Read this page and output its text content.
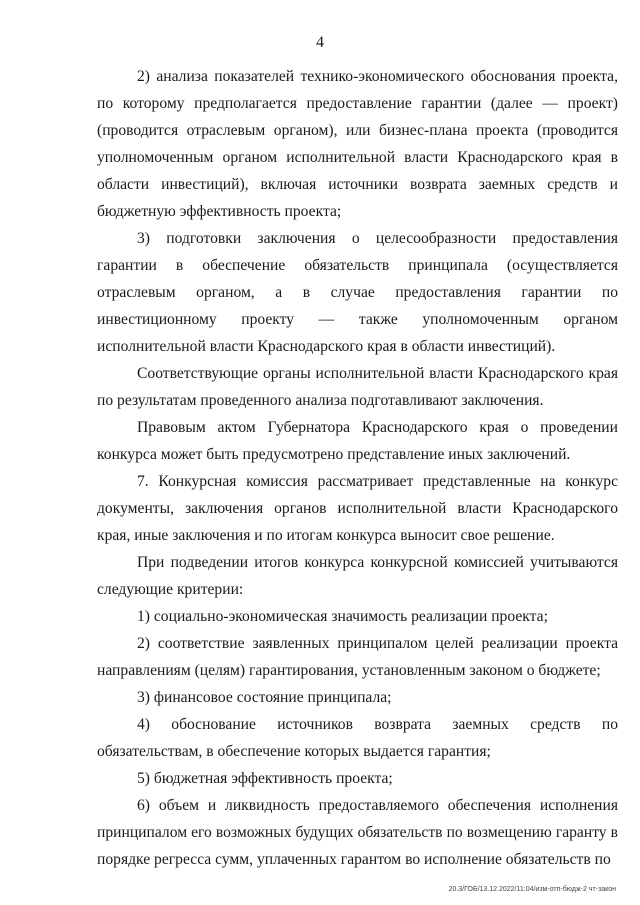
4

2) анализа показателей технико-экономического обоснования проекта, по которому предполагается предоставление гарантии (далее — проект) (проводится отраслевым органом), или бизнес-плана проекта (проводится уполномоченным органом исполнительной власти Краснодарского края в области инвестиций), включая источники возврата заемных средств и бюджетную эффективность проекта;

3) подготовки заключения о целесообразности предоставления гарантии в обеспечение обязательств принципала (осуществляется отраслевым органом, а в случае предоставления гарантии по инвестиционному проекту — также уполномоченным органом исполнительной власти Краснодарского края в области инвестиций).

Соответствующие органы исполнительной власти Краснодарского края по результатам проведенного анализа подготавливают заключения.

Правовым актом Губернатора Краснодарского края о проведении конкурса может быть предусмотрено представление иных заключений.

7. Конкурсная комиссия рассматривает представленные на конкурс документы, заключения органов исполнительной власти Краснодарского края, иные заключения и по итогам конкурса выносит свое решение.

При подведении итогов конкурса конкурсной комиссией учитываются следующие критерии:

1) социально-экономическая значимость реализации проекта;

2) соответствие заявленных принципалом целей реализации проекта направлениям (целям) гарантирования, установленным законом о бюджете;

3) финансовое состояние принципала;

4) обоснование источников возврата заемных средств по обязательствам, в обеспечение которых выдается гарантия;

5) бюджетная эффективность проекта;

6) объем и ликвидность предоставляемого обеспечения исполнения принципалом его возможных будущих обязательств по возмещению гаранту в порядке регресса сумм, уплаченных гарантом во исполнение обязательств по

20.3/ГОБ/13.12.2022/11:04/изм-отп-бюдж-2 чт-закон
